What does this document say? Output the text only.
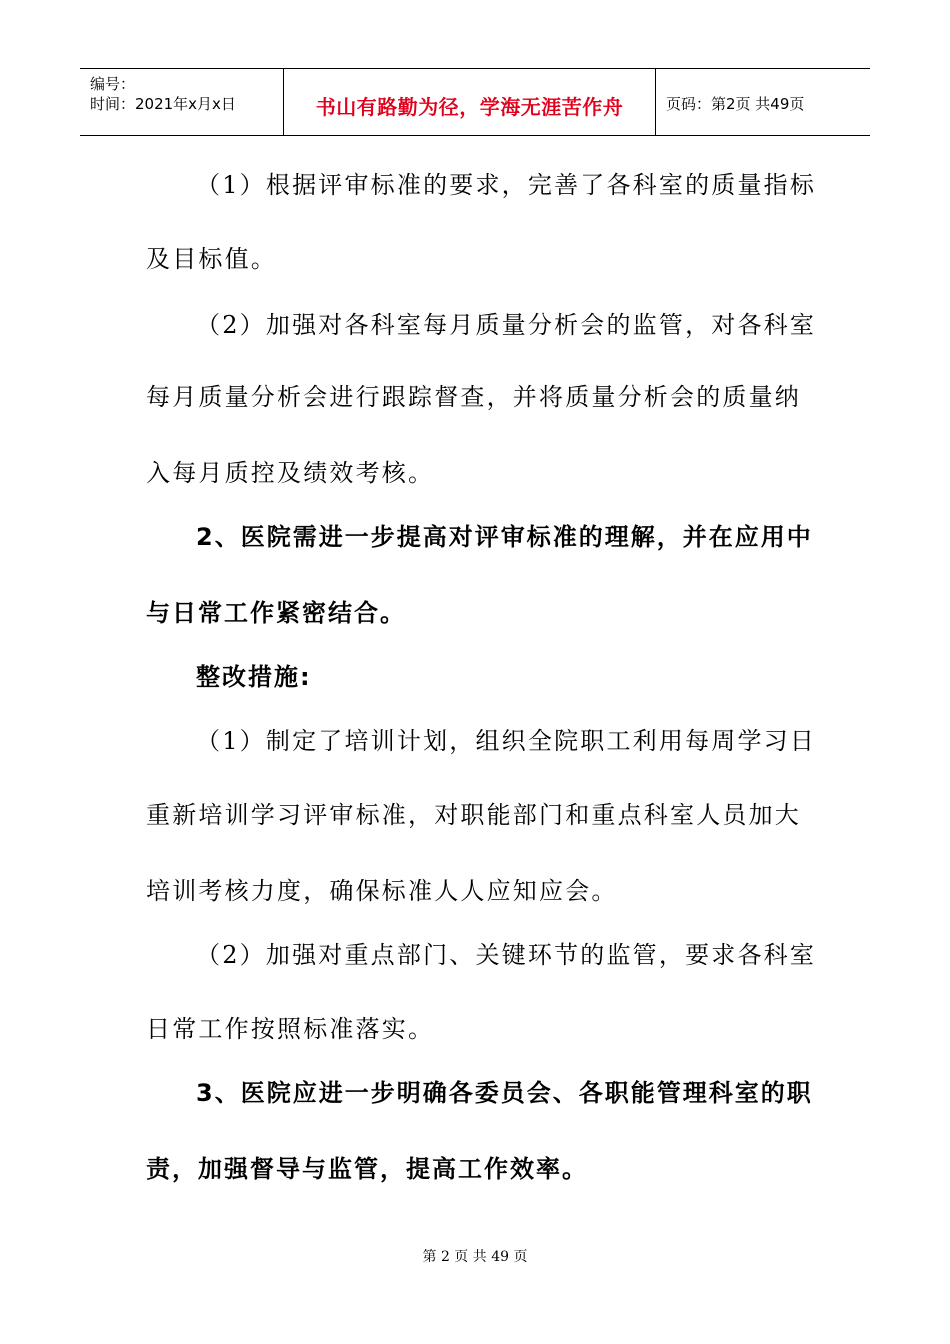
编号：
时间：2021年x月x日	书山有路勤为径，学海无涯苦作舟	页码：第2页 共49页
（1）根据评审标准的要求，完善了各科室的质量指标
及目标值。
（2）加强对各科室每月质量分析会的监管，对各科室
每月质量分析会进行跟踪督查，并将质量分析会的质量纳
入每月质控及绩效考核。
2、医院需进一步提高对评审标准的理解，并在应用中
与日常工作紧密结合。
整改措施:
（1）制定了培训计划，组织全院职工利用每周学习日
重新培训学习评审标准，对职能部门和重点科室人员加大
培训考核力度，确保标准人人应知应会。
（2）加强对重点部门、关键环节的监管，要求各科室
日常工作按照标准落实。
3、医院应进一步明确各委员会、各职能管理科室的职
责，加强督导与监管，提高工作效率。
第 2 页 共 49 页
